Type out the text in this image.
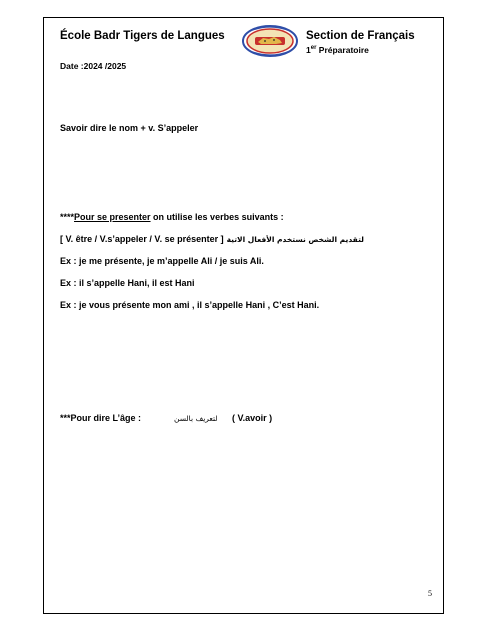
École Badr Tigers de Langues	Section de Français
1er Préparatoire
Date :2024 /2025
Savoir dire le nom + v. S’appeler
****Pour se presenter on utilise les verbes suivants :
[ V. être / V.s’appeler / V. se présenter ] لتقديم الشخص نستخدم الأفعال الاتية
Ex : je me présente, je m’appelle Ali / je suis Ali.
Ex : il s’appelle Hani, il est Hani
Ex : je vous présente mon ami , il s’appelle Hani , C’est Hani.
***Pour dire L’âge :	لتعريف بالسن ( V.avoir )
5
